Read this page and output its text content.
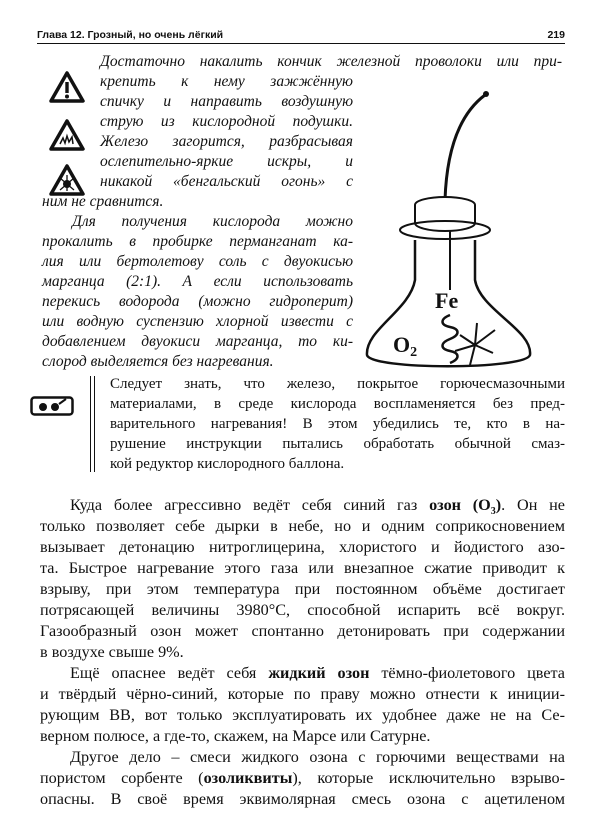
Глава 12. Грозный, но очень лёгкий	219
Достаточно накалить кончик железной проволоки или при-
крепить к нему зажжённую
спичку и направить воздушную
струю из кислородной подушки.
Железо загорится, разбрасывая
ослепительно-яркие искры, и
никакой «бенгальский огонь» с
ним не сравнится.
Для получения кислорода можно
прокалить в пробирке перманганат ка-
лия или бертолетову соль с двуокисью
марганца (2:1). А если использовать
перекись водорода (можно гидроперит)
или водную суспензию хлорной извести с
добавлением двуокиси марганца, то ки-
слород выделяется без нагревания.
Fe
O2
Следует знать, что железо, покрытое горючесмазочными
материалами, в среде кислорода воспламеняется без пред-
варительного нагревания! В этом убедились те, кто в на-
рушение инструкции пытались обработать обычной смаз-
кой редуктор кислородного баллона.
Куда более агрессивно ведёт себя синий газ озон $(O_3)$. Он не
только позволяет себе дырки в небе, но и одним соприкосновением
вызывает детонацию нитроглицерина, хлористого и йодистого азо-
та. Быстрое нагревание этого газа или внезапное сжатие приводит к
взрыву, при этом температура при постоянном объёме достигает
потрясающей величины 3980°С, способной испарить всё вокруг.
Газообразный озон может спонтанно детонировать при содержании
в воздухе свыше 9%.
Ещё опаснее ведёт себя жидкий озон тёмно-фиолетового цвета
и твёрдый чёрно-синий, которые по праву можно отнести к иниции-
рующим ВВ, вот только эксплуатировать их удобнее даже не на Се-
верном полюсе, а где-то, скажем, на Марсе или Сатурне.
Другое дело – смеси жидкого озона с горючими веществами на
пористом сорбенте (озоликвиты), которые исключительно взрыво-
опасны. В своё время эквимолярная смесь озона с ацетиленом
